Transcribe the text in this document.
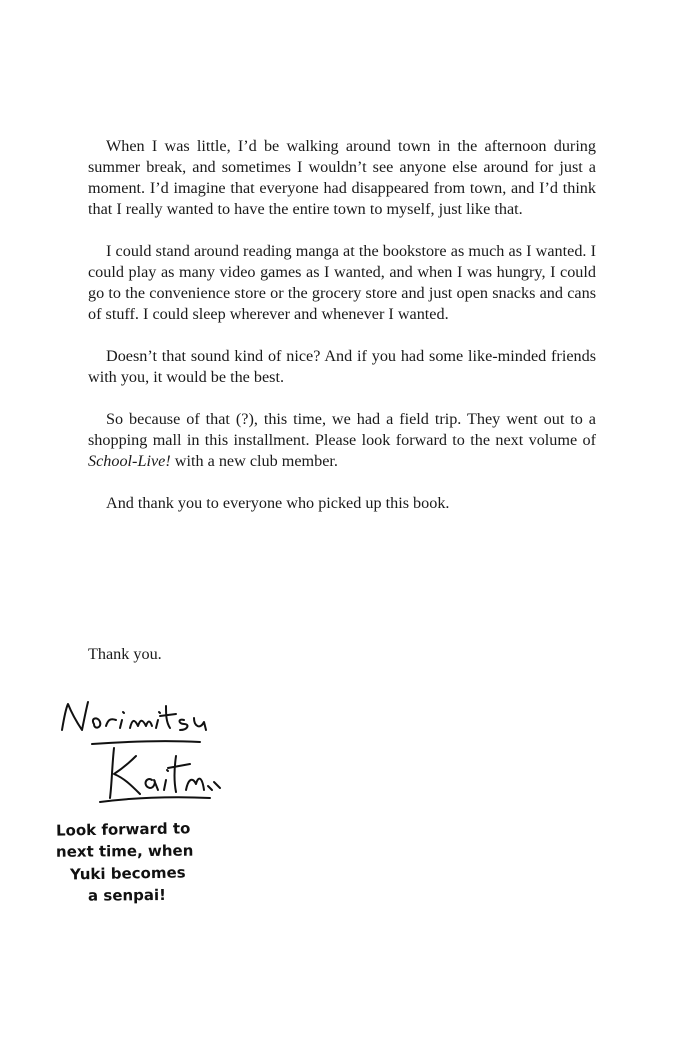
When I was little, I’d be walking around town in the afternoon during summer break, and sometimes I wouldn’t see anyone else around for just a moment. I’d imagine that everyone had disappeared from town, and I’d think that I really wanted to have the entire town to myself, just like that.

I could stand around reading manga at the bookstore as much as I wanted. I could play as many video games as I wanted, and when I was hungry, I could go to the convenience store or the grocery store and just open snacks and cans of stuff. I could sleep wherever and whenever I wanted.

Doesn’t that sound kind of nice? And if you had some like-minded friends with you, it would be the best.

So because of that (?), this time, we had a field trip. They went out to a shopping mall in this installment. Please look forward to the next volume of School-Live! with a new club member.

And thank you to everyone who picked up this book.

Thank you.

Look forward to
next time, when
Yuki becomes
a senpai!
